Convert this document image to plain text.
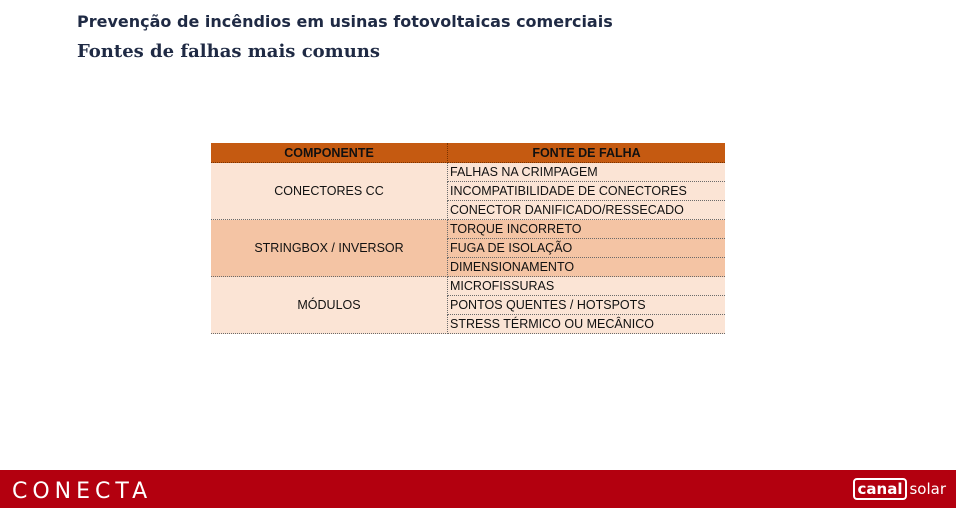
Prevenção de incêndios em usinas fotovoltaicas comerciais
Fontes de falhas mais comuns
COMPONENTE	FONTE DE FALHA
CONECTORES CC	FALHAS NA CRIMPAGEM
	INCOMPATIBILIDADE DE CONECTORES
	CONECTOR DANIFICADO/RESSECADO
STRINGBOX / INVERSOR	TORQUE INCORRETO
	FUGA DE ISOLAÇÃO
	DIMENSIONAMENTO
MÓDULOS	MICROFISSURAS
	PONTOS QUENTES / HOTSPOTS
	STRESS TÉRMICO OU MECÂNICO
CONECTA	canal solar
